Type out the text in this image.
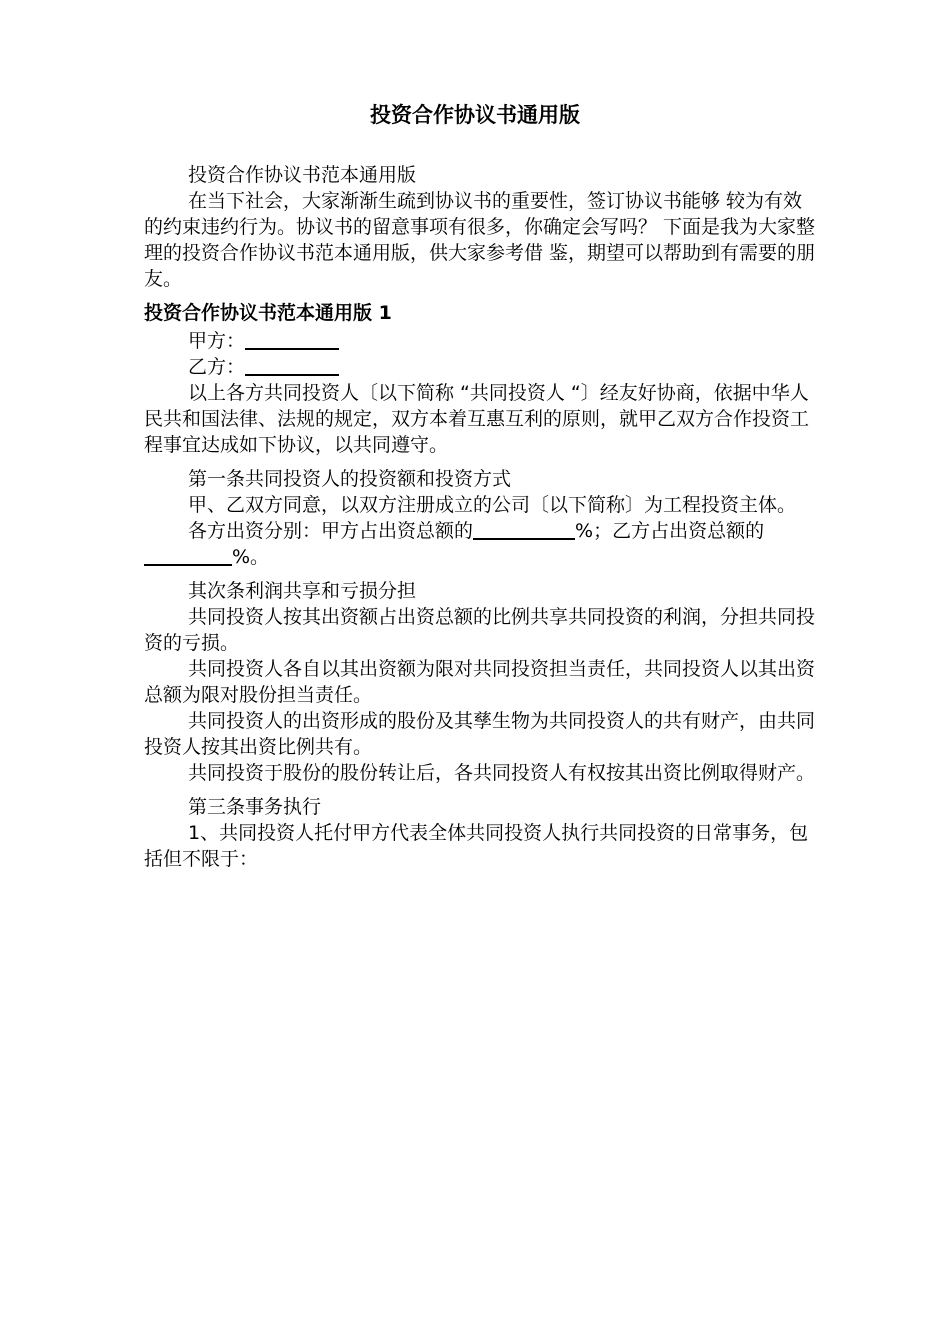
投资合作协议书通用版

投资合作协议书范本通用版

在当下社会，大家渐渐生疏到协议书的重要性，签订协议书能够 较为有效的约束违约行为。协议书的留意事项有很多，你确定会写吗？ 下面是我为大家整理的投资合作协议书范本通用版，供大家参考借 鉴，期望可以帮助到有需要的朋友。

投资合作协议书范本通用版 1

甲方：

乙方：

以上各方共同投资人〔以下简称 “共同投资人 “〕经友好协商，依据中华人民共和国法律、法规的规定，双方本着互惠互利的原则，就甲乙双方合作投资工程事宜达成如下协议，以共同遵守。

第一条共同投资人的投资额和投资方式

甲、乙双方同意，以双方注册成立的公司〔以下简称〕为工程投资主体。

各方出资分别：甲方占出资总额的	%；乙方占出资总额的%。

其次条利润共享和亏损分担

共同投资人按其出资额占出资总额的比例共享共同投资的利润，分担共同投资的亏损。

共同投资人各自以其出资额为限对共同投资担当责任，共同投资人以其出资总额为限对股份担当责任。

共同投资人的出资形成的股份及其孳生物为共同投资人的共有财产，由共同投资人按其出资比例共有。

共同投资于股份的股份转让后，各共同投资人有权按其出资比例取得财产。

第三条事务执行

1、共同投资人托付甲方代表全体共同投资人执行共同投资的日常事务，包括但不限于：
